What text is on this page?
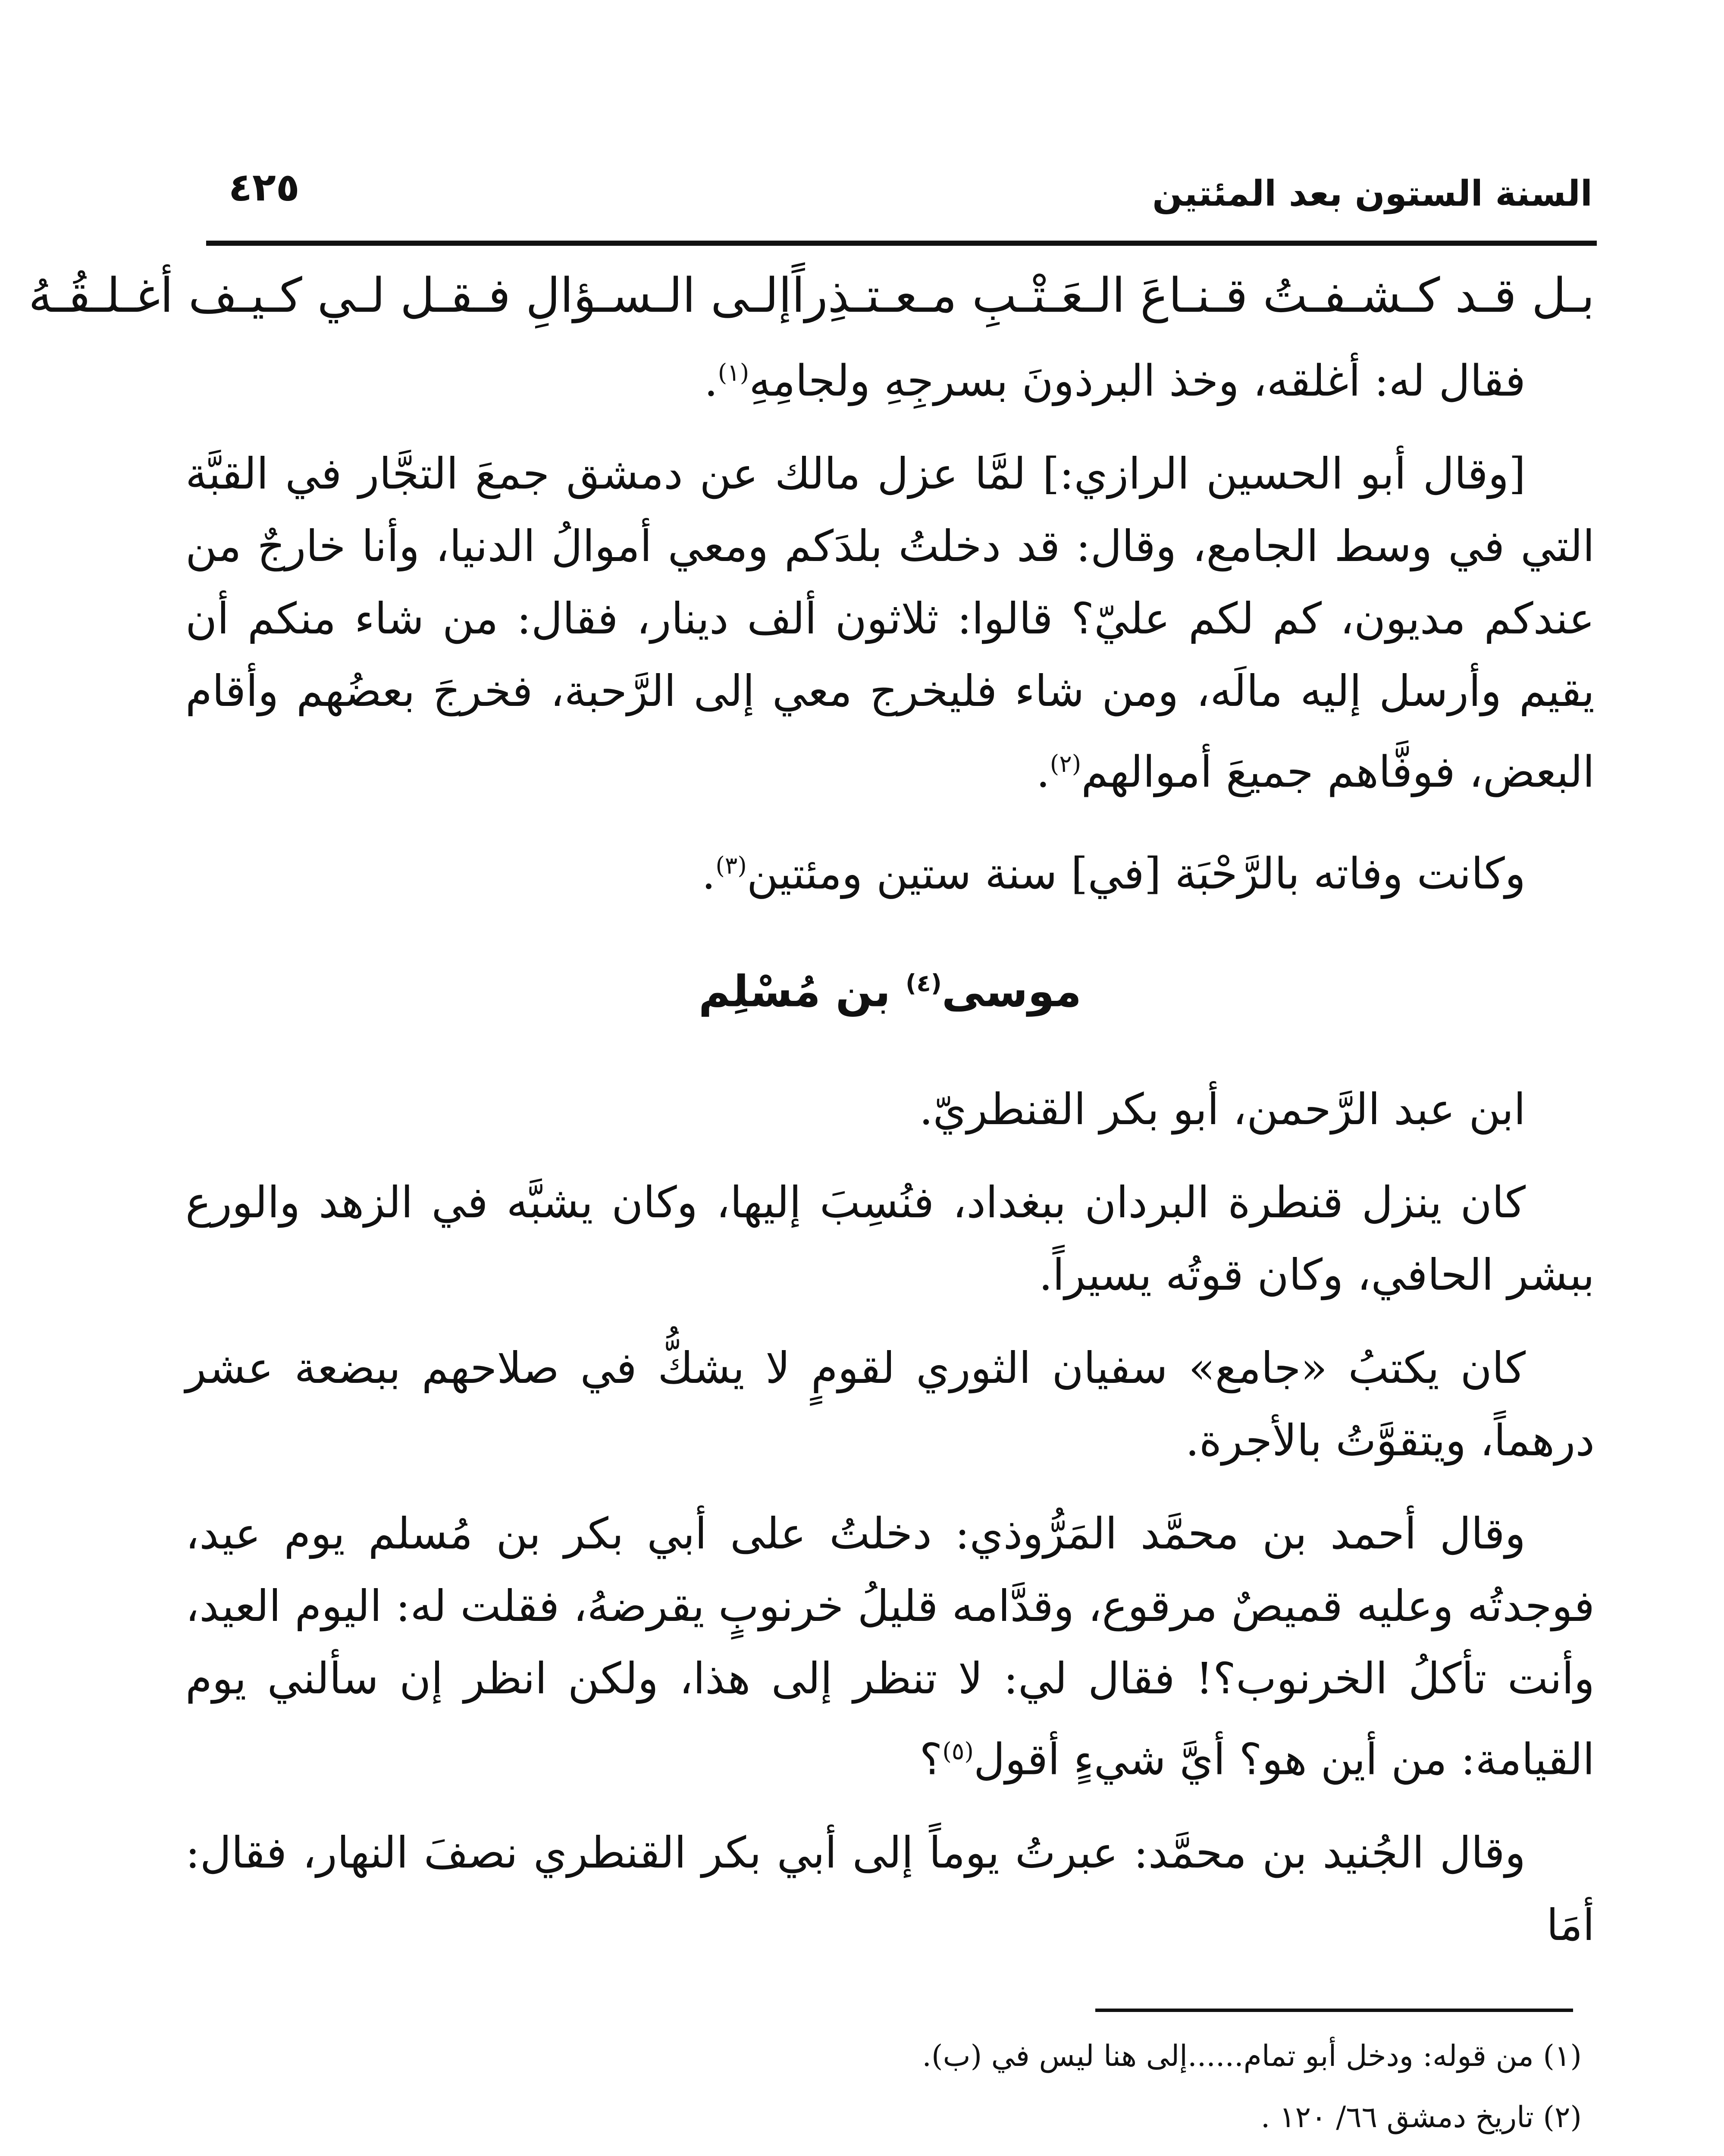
السنة الستون بعد المئتين
٤٢٥
بـل قـد كـشـفـتُ قـنـاعَ الـعَـتْـبِ مـعـتـذِراً
إلـى الـسـؤالِ فـقـل لـي كـيـف أغـلـقُـهُ

فقال له: أغلقه، وخذ البرذونَ بسرجِهِ ولجامِهِ$^{(١)}$.

[وقال أبو الحسين الرازي:] لمَّا عزل مالك عن دمشق جمعَ التجَّار في القبَّة التي في وسط الجامع، وقال: قد دخلتُ بلدَكم ومعي أموالُ الدنيا، وأنا خارجٌ من عندكم مديون، كم لكم عليّ؟ قالوا: ثلاثون ألف دينار، فقال: من شاء منكم أن يقيم وأرسل إليه مالَه، ومن شاء فليخرج معي إلى الرَّحبة، فخرجَ بعضُهم وأقام البعض، فوفَّاهم جميعَ أموالهم$^{(٢)}$.

وكانت وفاته بالرَّحْبَة [في] سنة ستين ومئتين$^{(٣)}$.

موسى$^{(٤)}$ بن مُسْلِم

ابن عبد الرَّحمن، أبو بكر القنطريّ.

كان ينزل قنطرة البردان ببغداد، فنُسِبَ إليها، وكان يشبَّه في الزهد والورع ببشر الحافي، وكان قوتُه يسيراً.

كان يكتبُ «جامع» سفيان الثوري لقومٍ لا يشكُّ في صلاحهم ببضعة عشر درهماً، ويتقوَّتُ بالأجرة.

وقال أحمد بن محمَّد المَرُّوذي: دخلتُ على أبي بكر بن مُسلم يوم عيد، فوجدتُه وعليه قميصٌ مرقوع، وقدَّامه قليلُ خرنوبٍ يقرضهُ، فقلت له: اليوم العيد، وأنت تأكلُ الخرنوب؟! فقال لي: لا تنظر إلى هذا، ولكن انظر إن سألني يوم القيامة: من أين هو؟ أيَّ شيءٍ أقول$^{(٥)}$؟

وقال الجُنيد بن محمَّد: عبرتُ يوماً إلى أبي بكر القنطري نصفَ النهار، فقال: أمَا

(١) من قوله: ودخل أبو تمام......إلى هنا ليس في (ب).

(٢) تاريخ دمشق ٦٦/ ١٢٠ .
